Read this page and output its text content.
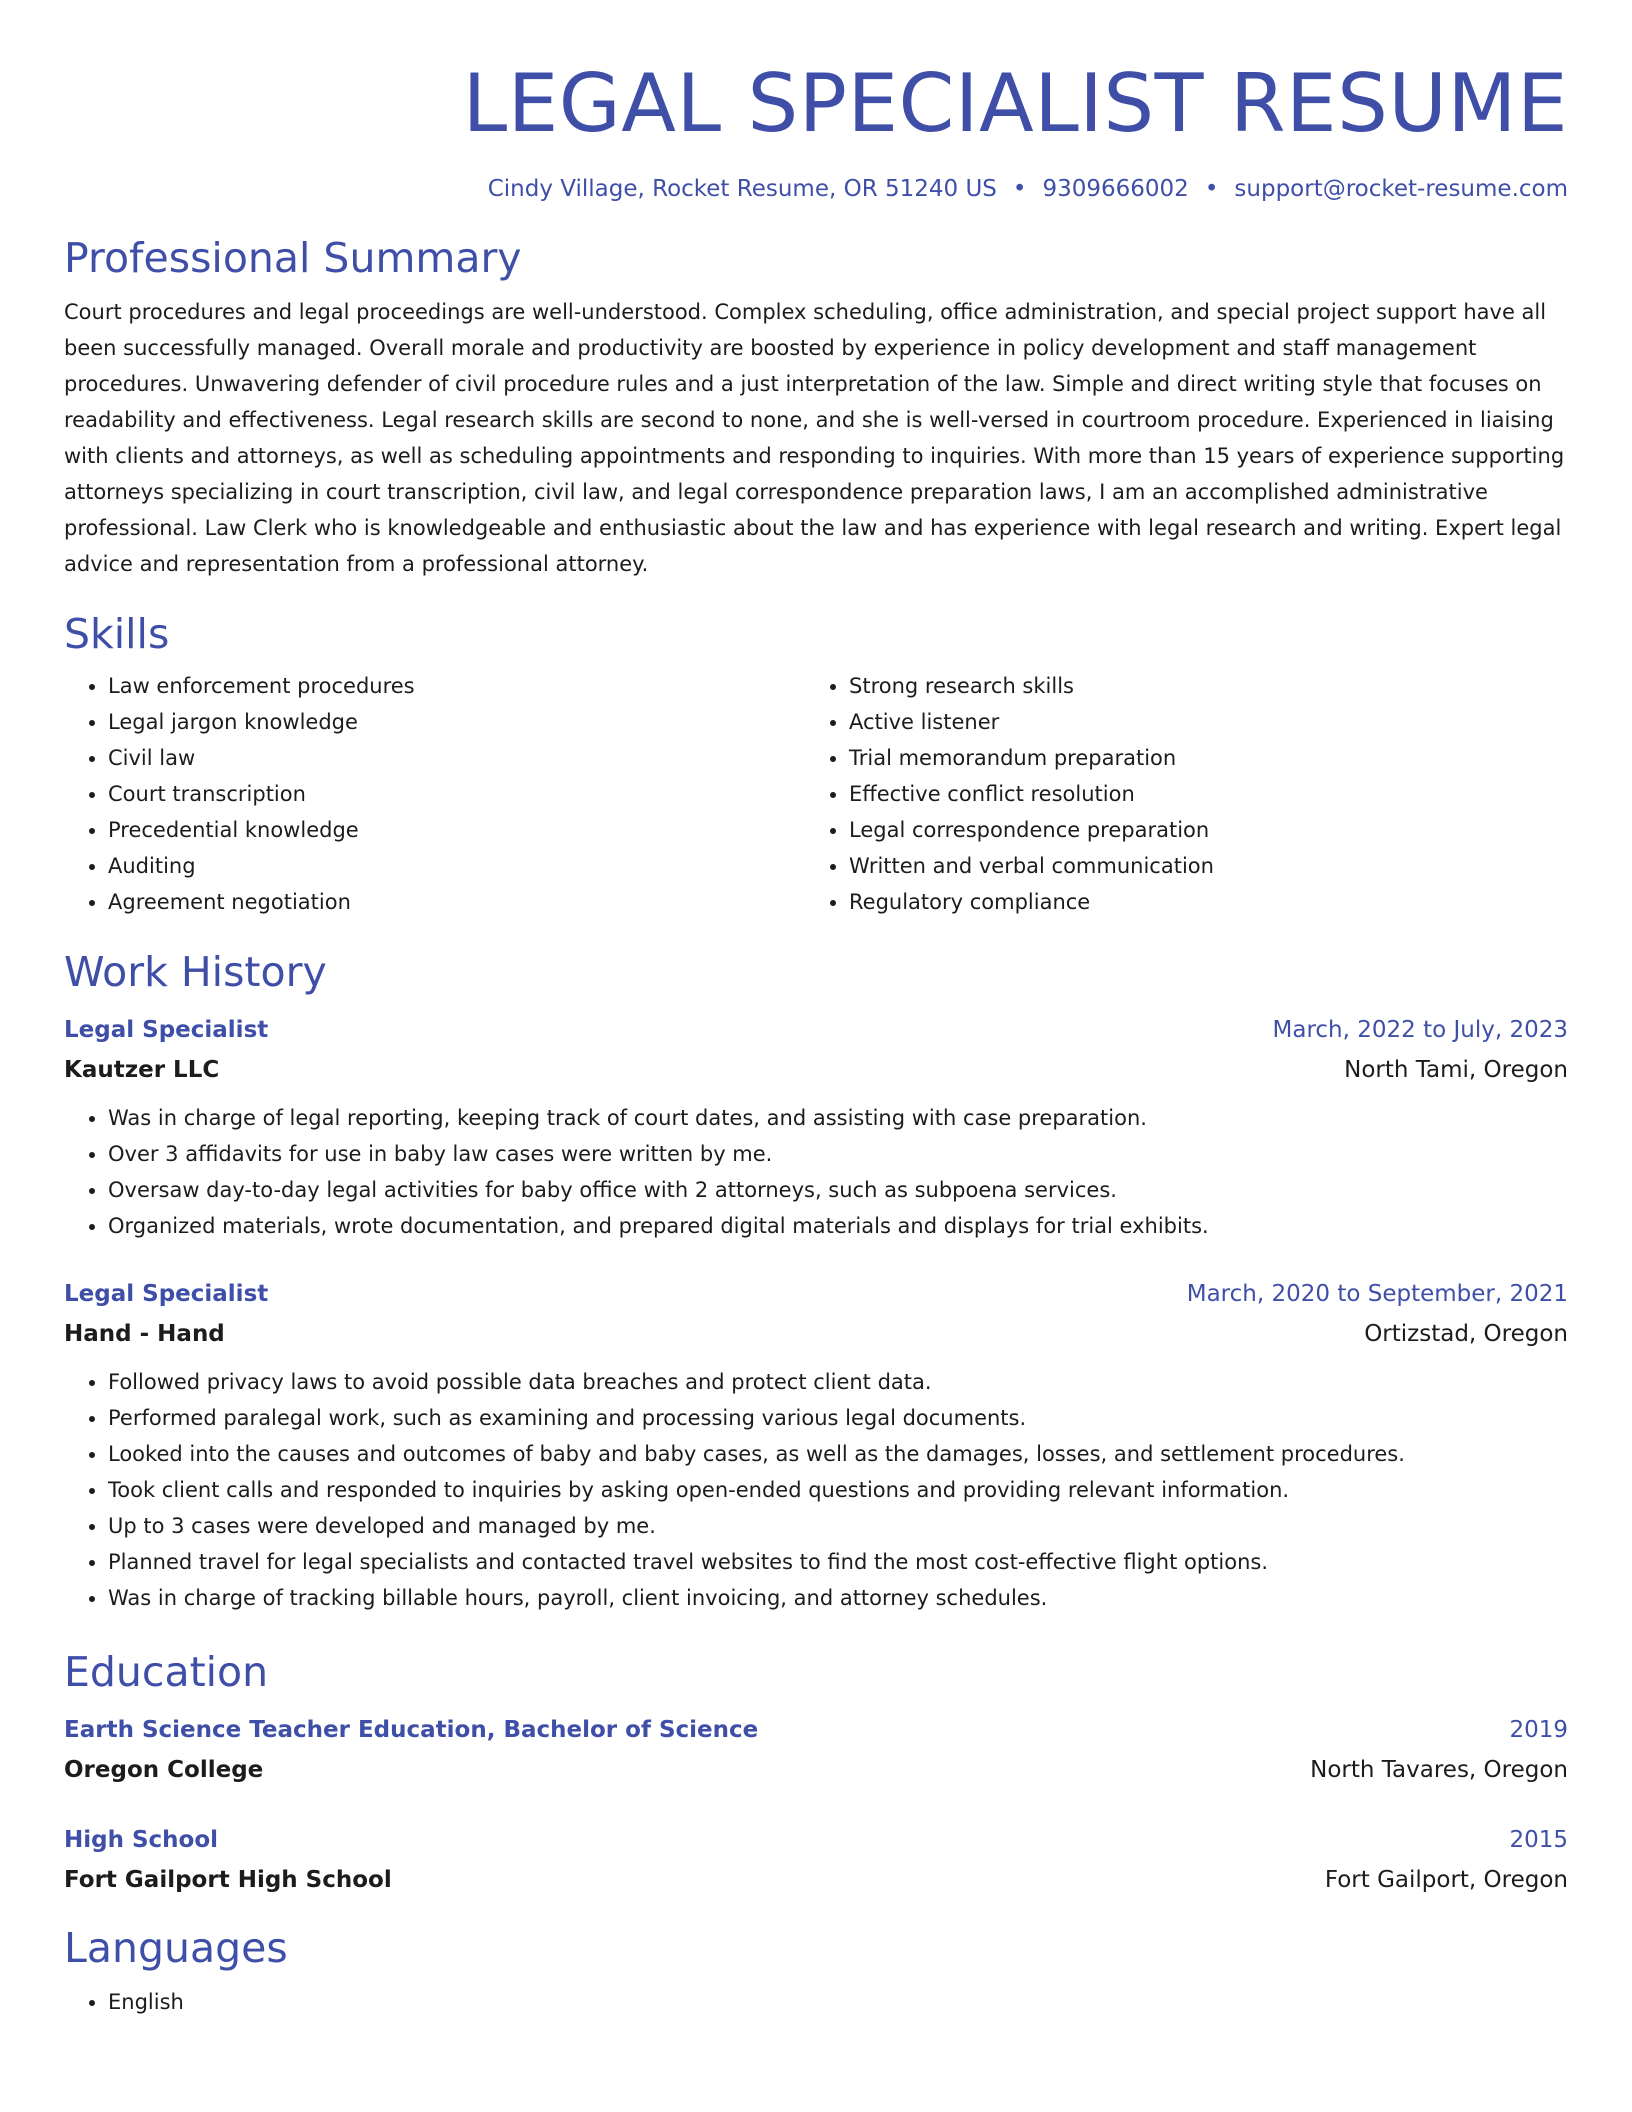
LEGAL SPECIALIST RESUME
Cindy Village, Rocket Resume, OR 51240 US • 9309666002 • support@rocket-resume.com
Professional Summary

Court procedures and legal proceedings are well-understood. Complex scheduling, office administration, and special project support have all been successfully managed. Overall morale and productivity are boosted by experience in policy development and staff management procedures. Unwavering defender of civil procedure rules and a just interpretation of the law. Simple and direct writing style that focuses on readability and effectiveness. Legal research skills are second to none, and she is well-versed in courtroom procedure. Experienced in liaising with clients and attorneys, as well as scheduling appointments and responding to inquiries. With more than 15 years of experience supporting attorneys specializing in court transcription, civil law, and legal correspondence preparation laws, I am an accomplished administrative professional. Law Clerk who is knowledgeable and enthusiastic about the law and has experience with legal research and writing. Expert legal advice and representation from a professional attorney.

Skills
• Law enforcement procedures
• Legal jargon knowledge
• Civil law
• Court transcription
• Precedential knowledge
• Auditing
• Agreement negotiation
• Strong research skills
• Active listener
• Trial memorandum preparation
• Effective conflict resolution
• Legal correspondence preparation
• Written and verbal communication
• Regulatory compliance
Work History
Legal Specialist	March, 2022 to July, 2023
Kautzer LLC	North Tami, Oregon
• Was in charge of legal reporting, keeping track of court dates, and assisting with case preparation.
• Over 3 affidavits for use in baby law cases were written by me.
• Oversaw day-to-day legal activities for baby office with 2 attorneys, such as subpoena services.
• Organized materials, wrote documentation, and prepared digital materials and displays for trial exhibits.
Legal Specialist	March, 2020 to September, 2021
Hand - Hand	Ortizstad, Oregon
• Followed privacy laws to avoid possible data breaches and protect client data.
• Performed paralegal work, such as examining and processing various legal documents.
• Looked into the causes and outcomes of baby and baby cases, as well as the damages, losses, and settlement procedures.
• Took client calls and responded to inquiries by asking open-ended questions and providing relevant information.
• Up to 3 cases were developed and managed by me.
• Planned travel for legal specialists and contacted travel websites to find the most cost-effective flight options.
• Was in charge of tracking billable hours, payroll, client invoicing, and attorney schedules.
Education
Earth Science Teacher Education, Bachelor of Science	2019
Oregon College	North Tavares, Oregon
High School	2015
Fort Gailport High School	Fort Gailport, Oregon
Languages
• English
